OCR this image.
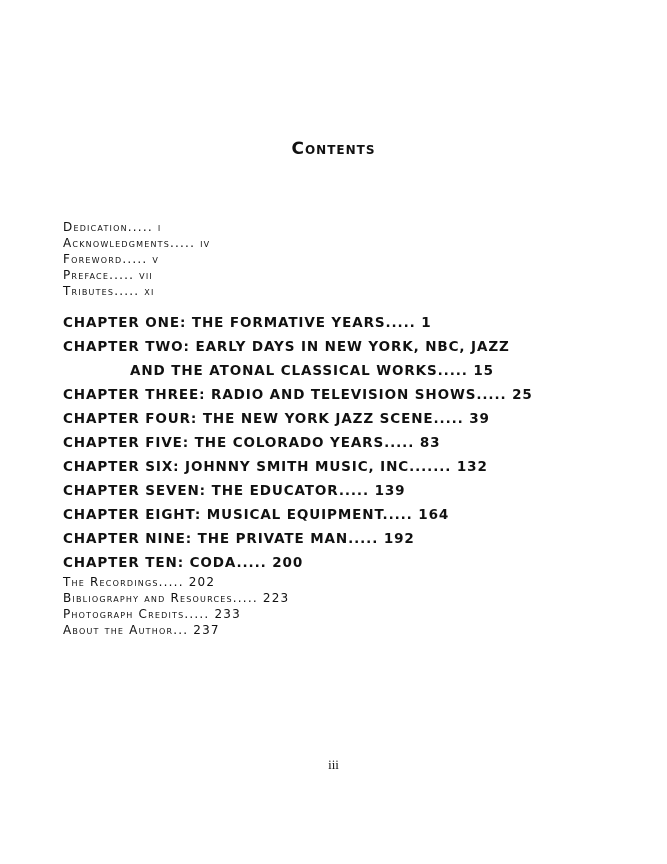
Contents
Dedication..... i
Acknowledgments..... iv
Foreword..... v
Preface..... vii
Tributes..... xi
CHAPTER ONE: THE FORMATIVE YEARS..... 1
CHAPTER TWO: EARLY DAYS IN NEW YORK, NBC, JAZZ
AND THE ATONAL CLASSICAL WORKS..... 15
CHAPTER THREE: RADIO AND TELEVISION SHOWS..... 25
CHAPTER FOUR: THE NEW YORK JAZZ SCENE..... 39
CHAPTER FIVE: THE COLORADO YEARS..... 83
CHAPTER SIX: JOHNNY SMITH MUSIC, INC....... 132
CHAPTER SEVEN: THE EDUCATOR..... 139
CHAPTER EIGHT: MUSICAL EQUIPMENT..... 164
CHAPTER NINE: THE PRIVATE MAN..... 192
CHAPTER TEN: CODA..... 200
The Recordings..... 202
Bibliography and Resources..... 223
Photograph Credits..... 233
About the Author... 237
iii
